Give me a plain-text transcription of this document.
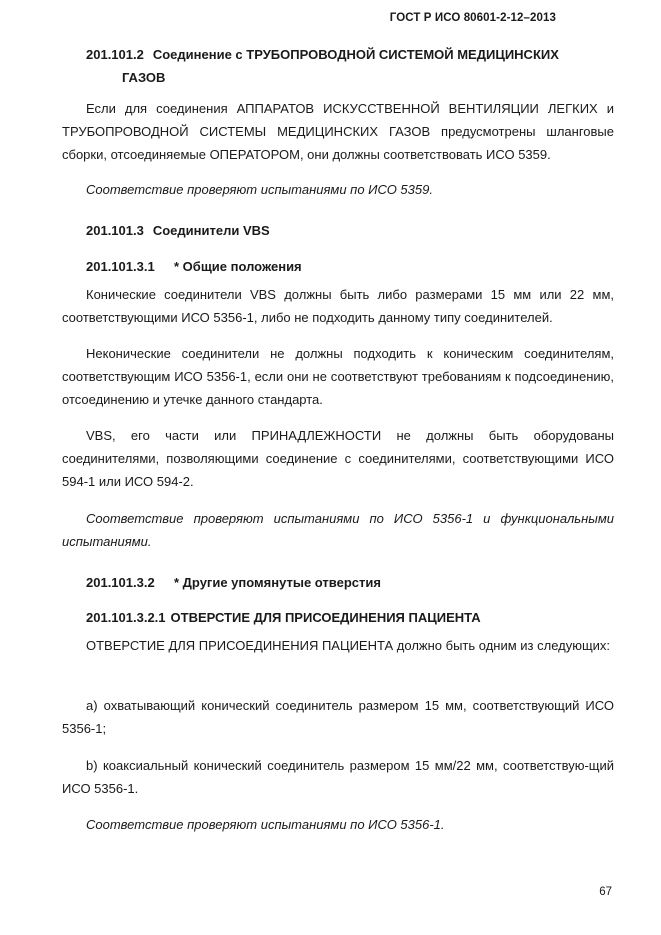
ГОСТ Р ИСО 80601-2-12–2013
201.101.2 Соединение с ТРУБОПРОВОДНОЙ СИСТЕМОЙ МЕДИЦИНСКИХ
ГАЗОВ
Если для соединения АППАРАТОВ ИСКУССТВЕННОЙ ВЕНТИЛЯЦИИ ЛЕГКИХ и ТРУБОПРОВОДНОЙ СИСТЕМЫ МЕДИЦИНСКИХ ГАЗОВ предусмотрены шланговые сборки, отсоединяемые ОПЕРАТОРОМ, они должны соответствовать ИСО 5359.
Соответствие проверяют испытаниями по ИСО 5359.
201.101.3 Соединители VBS
201.101.3.1 * Общие положения
Конические соединители VBS должны быть либо размерами 15 мм или 22 мм, соответствующими ИСО 5356-1, либо не подходить данному типу соединителей.
Неконические соединители не должны подходить к коническим соединителям, соответствующим ИСО 5356-1, если они не соответствуют требованиям к подсоединению, отсоединению и утечке данного стандарта.
VBS, его части или ПРИНАДЛЕЖНОСТИ не должны быть оборудованы соединителями, позволяющими соединение с соединителями, соответствующими ИСО 594-1 или ИСО 594-2.
Соответствие проверяют испытаниями по ИСО 5356-1 и функциональными испытаниями.
201.101.3.2 * Другие упомянутые отверстия
201.101.3.2.1 ОТВЕРСТИЕ ДЛЯ ПРИСОЕДИНЕНИЯ ПАЦИЕНТА
ОТВЕРСТИЕ ДЛЯ ПРИСОЕДИНЕНИЯ ПАЦИЕНТА должно быть одним из следующих:
а) охватывающий конический соединитель размером 15 мм, соответствующий ИСО 5356-1;
b) коаксиальный конический соединитель размером 15 мм/22 мм, соответствую-щий ИСО 5356-1.
Соответствие проверяют испытаниями по ИСО 5356-1.
67
